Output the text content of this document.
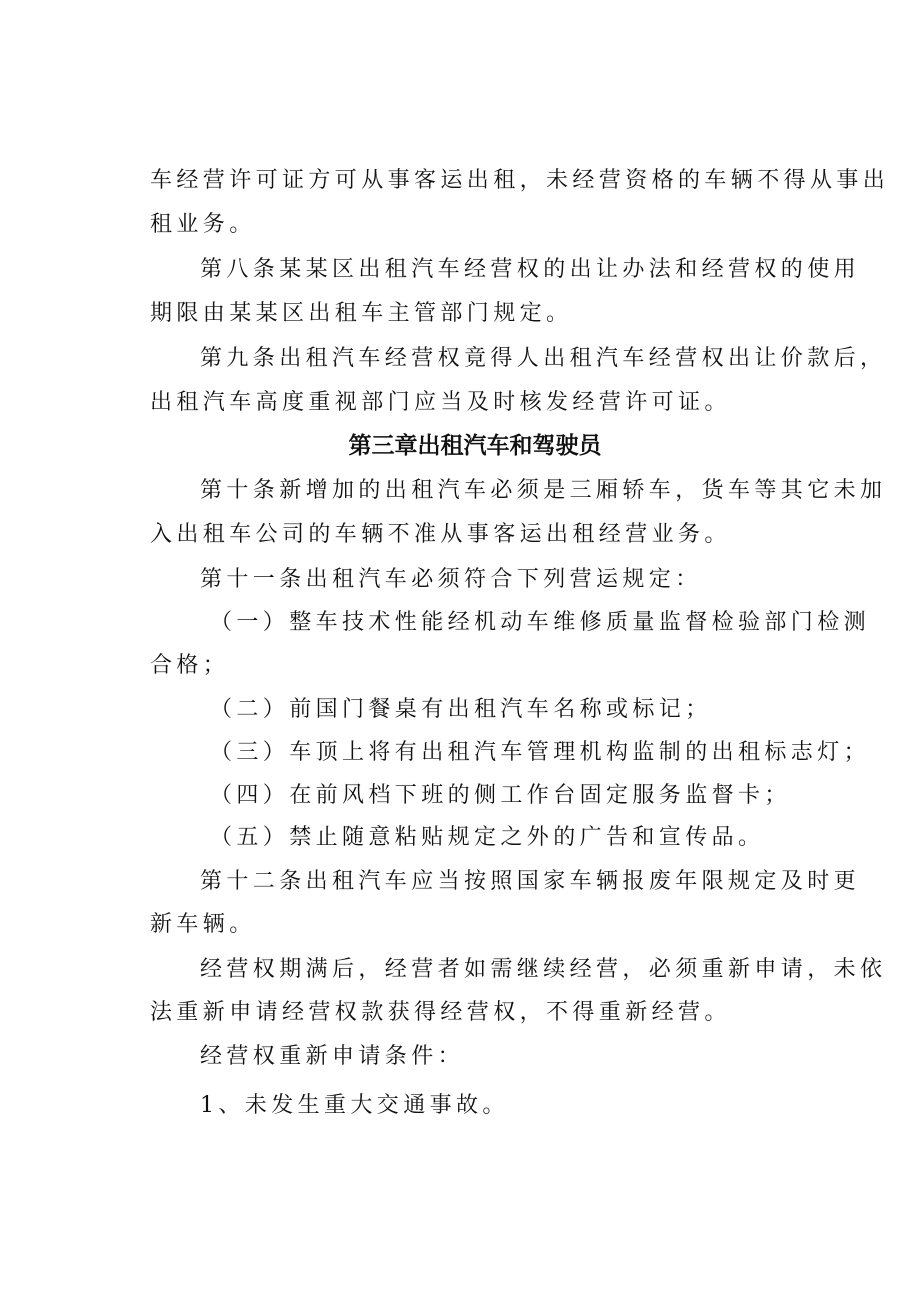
车经营许可证方可从事客运出租，未经营资格的车辆不得从事出
租业务。
第八条某某区出租汽车经营权的出让办法和经营权的使用
期限由某某区出租车主管部门规定。
第九条出租汽车经营权竟得人出租汽车经营权出让价款后，
出租汽车高度重视部门应当及时核发经营许可证。
第三章出租汽车和驾驶员
第十条新增加的出租汽车必须是三厢轿车，货车等其它未加
入出租车公司的车辆不准从事客运出租经营业务。
第十一条出租汽车必须符合下列营运规定：
（一）整车技术性能经机动车维修质量监督检验部门检测
合格；
（二）前国门餐桌有出租汽车名称或标记；
（三）车顶上将有出租汽车管理机构监制的出租标志灯；
（四）在前风档下班的侧工作台固定服务监督卡；
（五）禁止随意粘贴规定之外的广告和宣传品。
第十二条出租汽车应当按照国家车辆报废年限规定及时更
新车辆。
经营权期满后，经营者如需继续经营，必须重新申请，未依
法重新申请经营权款获得经营权，不得重新经营。
经营权重新申请条件：
1、未发生重大交通事故。
